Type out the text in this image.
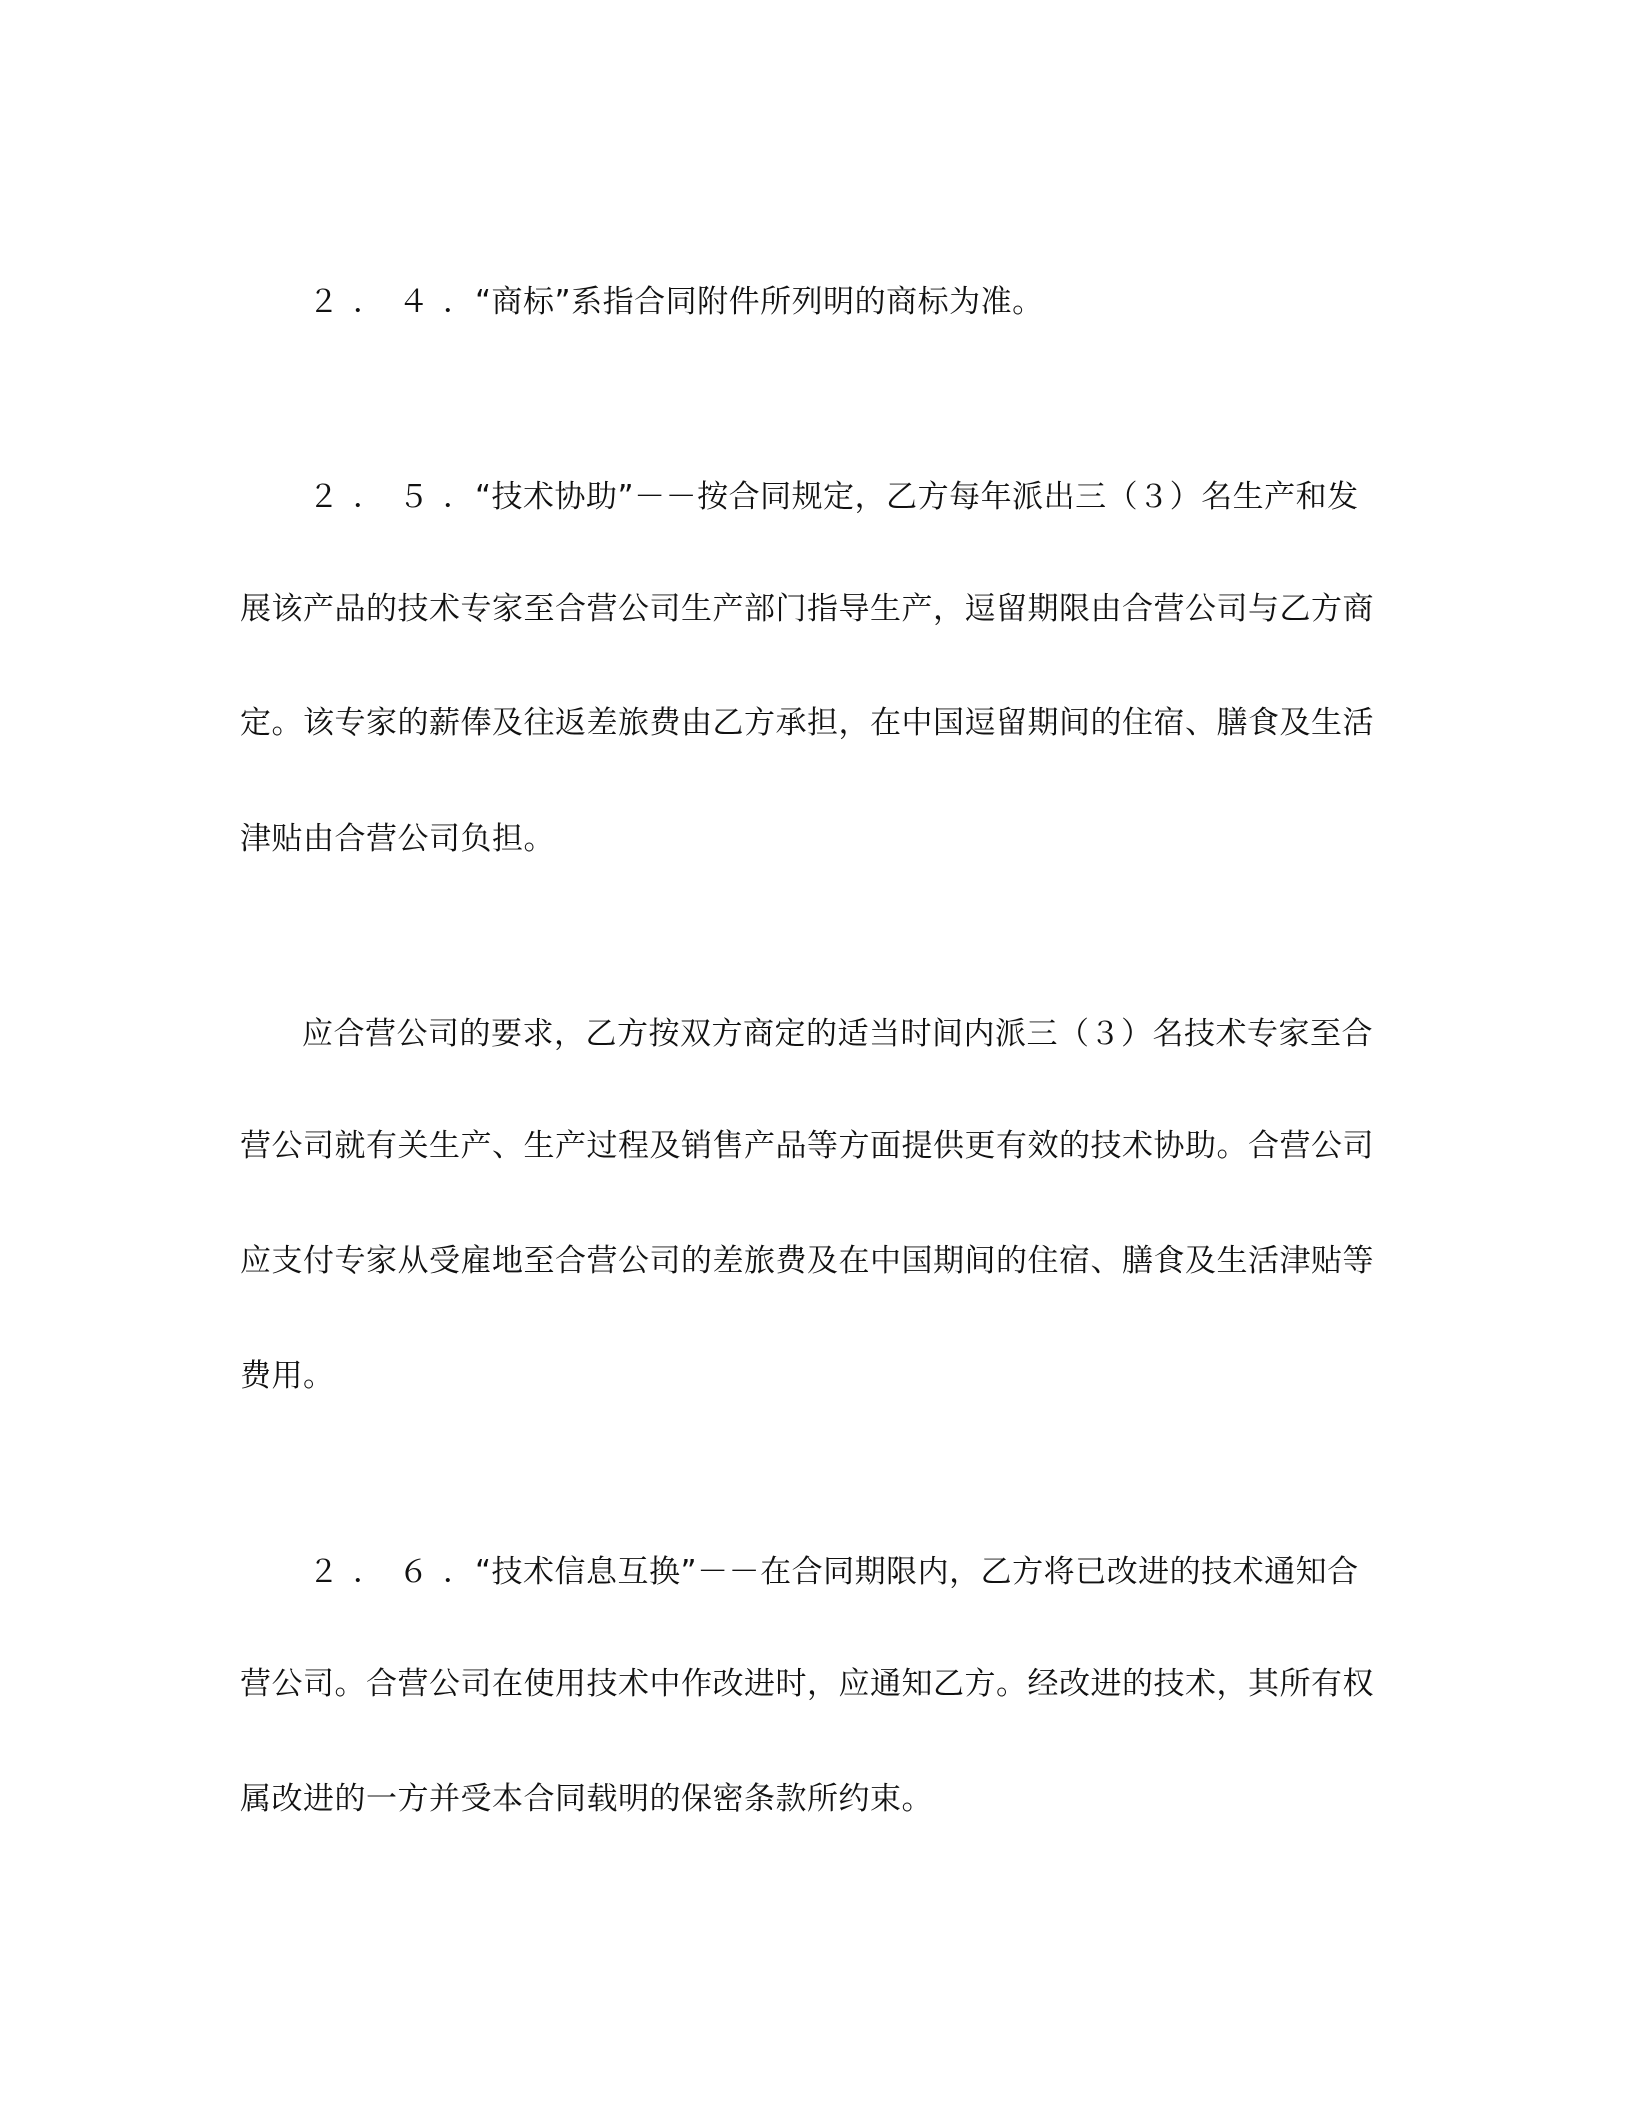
２．４．
“商标”系指合同附件所列明的商标为准。
２．５．
“技术协助”－－按合同规定，乙方每年派出三（３）名生产和发
展该产品的技术专家至合营公司生产部门指导生产，逗留期限由合营公司与乙方商
定。该专家的薪俸及往返差旅费由乙方承担，在中国逗留期间的住宿、膳食及生活
津贴由合营公司负担。
应合营公司的要求，乙方按双方商定的适当时间内派三（３）名技术专家至合
营公司就有关生产、生产过程及销售产品等方面提供更有效的技术协助。合营公司
应支付专家从受雇地至合营公司的差旅费及在中国期间的住宿、膳食及生活津贴等
费用。
２．６．
“技术信息互换”－－在合同期限内，乙方将已改进的技术通知合
营公司。合营公司在使用技术中作改进时，应通知乙方。经改进的技术，其所有权
属改进的一方并受本合同载明的保密条款所约束。
